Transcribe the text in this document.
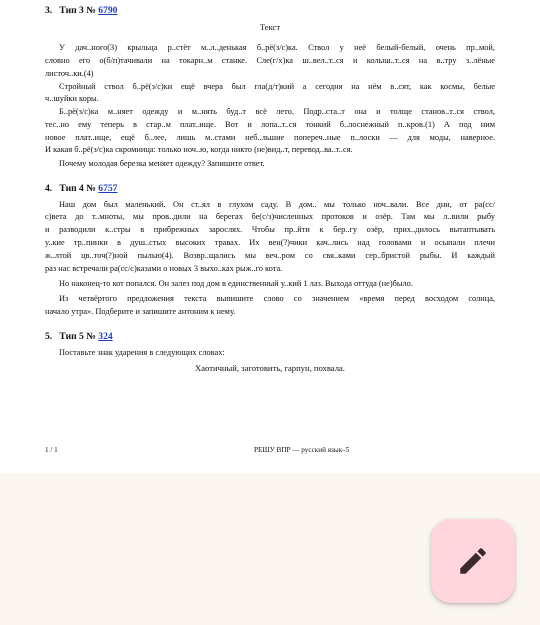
3. Тип 3 № 6790
Текст
У дач..ного(3) крыльца р..стёт м..л..денькая б..рё(з/с)ка. Ствол у неё белый-белый, очень пр..мой,
словно его о(б/п)тачивали на токарн..м станке. Сле(г/х)ка ш..вел..т..ся и колыш..т..ся на в..тру з..лёные
листоч..ки.(4)
Стройный ствол б..рё(з/с)ки ещё вчера был гла(д/т)кий а сегодня на нём в..сят, как космы, белые
ч..шуйки коры.
Б..рё(з/с)ка м..няет одежду и м..нять буд..т всё лето. Подр..ста..т она и толще станов..т..ся ствол,
тес..но ему теперь в стар..м плат..ище. Вот и лопа..т..ся тонкий б..лоснежный п..кров.(1) А под ним
новое плат..ище, ещё б..лее, лишь м..стами неб..льшие попереч..ные п..лоски — для моды, наверное.
И какая б..рё(з/с)ка скромница: только ноч..ю, когда никто (не)вид..т, перевод..ва..т..ся.
Почему молодая березка меняет одежду? Запишите ответ.
4. Тип 4 № 6757
Наш дом был маленький. Он ст..ял в глухом саду. В дом.. мы только ноч..вали. Все дни, от ра(сс/
с)вета до т..мноты, мы пров..дили на берегах бе(с/з)численных протоков и озёр. Там мы л..вили рыбу
и разводили к..стры в прибрежных зарослях. Чтобы пр..йти к бер..гу озёр, прих..дилось вытаптывать
у..кие тр..пинки в душ..стых высоких травах. Их вен(?)чики кач..лись над головами и осыпали плечи
ж..лтой цв..точ(?)ной пылью(4). Возвр..щались мы веч..ром со свя..ками сер..бристой рыбы. И каждый
раз нас встречали ра(сс/с)казами о новых 3 выхо..ках рыж..го кота.
Но наконец-то кот попался. Он залез под дом в единственный у..кий 1 лаз. Выхода оттуда (не)было.
Из четвёртого предложения текста выпишите слово со значением «время перед восходом солнца,
начало утра». Подберите и запишите антоним к нему.
5. Тип 5 № 324
Поставьте знак ударения в следующих словах:
Хаотичный, заготовить, гарпун, похвала.
1 / 1	РЕШУ ВПР — русский язык–5
